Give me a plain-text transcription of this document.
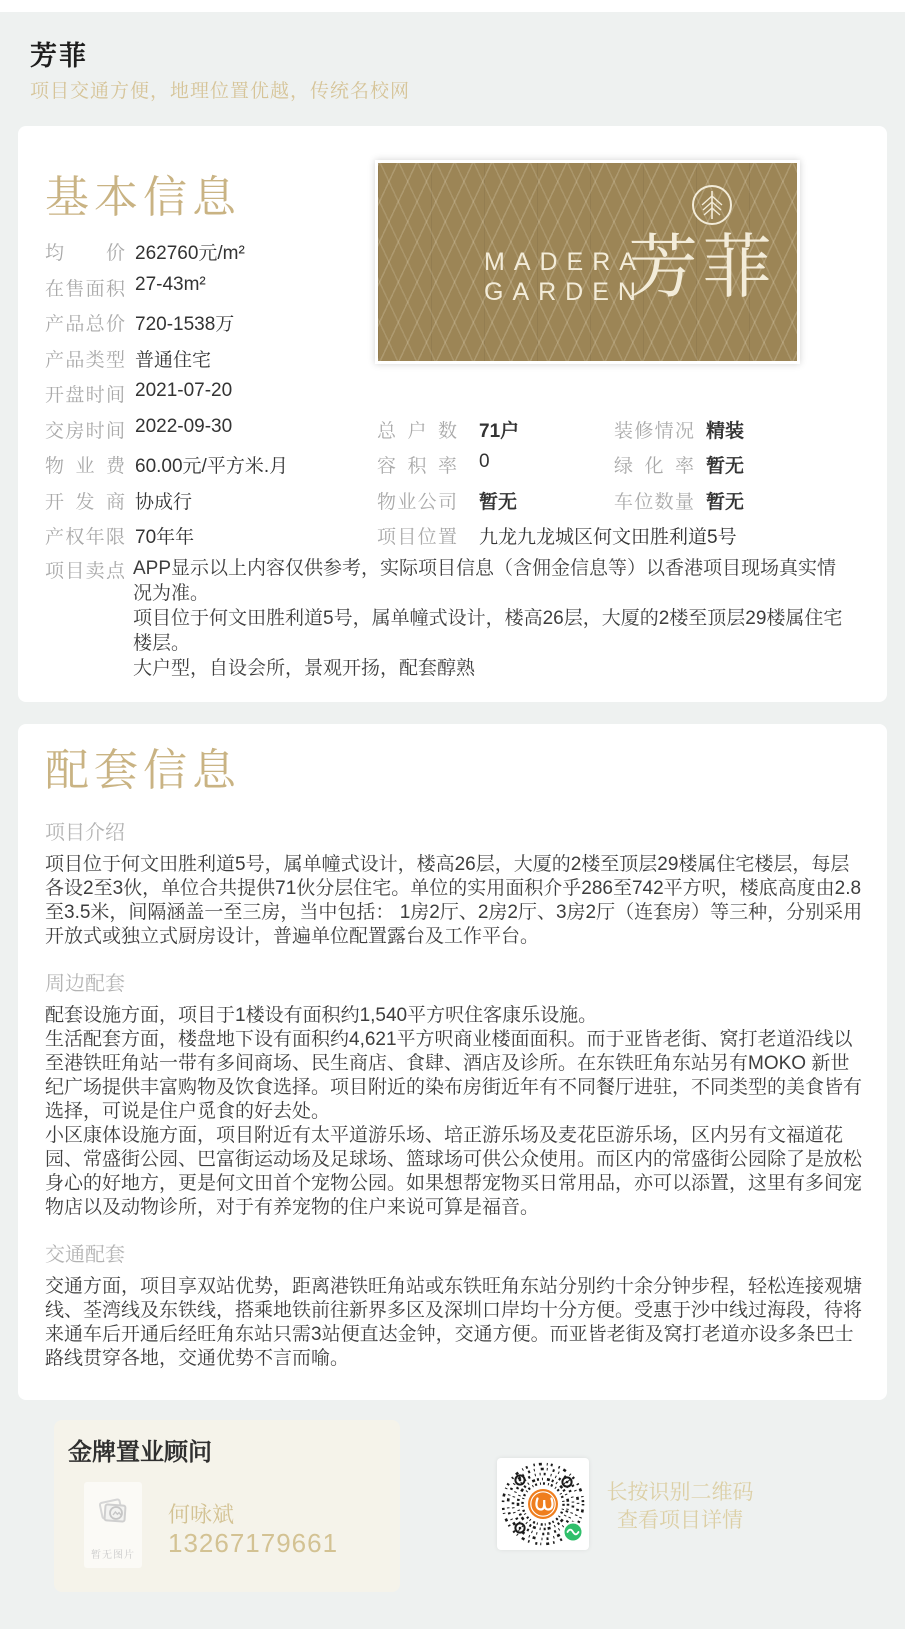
芳菲
项目交通方便，地理位置优越，传统名校网
基本信息
MADERA
GARDEN
芳菲
均价 262760元/m²
在售面积 27-43m²
产品总价 720-1538万
产品类型 普通住宅
开盘时间 2021-07-20
交房时间 2022-09-30
物业费 60.00元/平方米.月
开发商 协成行
产权年限 70年年
总户数 71户	装修情况 精装
容积率 0	绿化率 暂无
物业公司 暂无	车位数量 暂无
项目位置 九龙九龙城区何文田胜利道5号
项目卖点 APP显示以上内容仅供参考，实际项目信息（含佣金信息等）以香港项目现场真实情况为准。
项目位于何文田胜利道5号，属单幢式设计，楼高26层，大厦的2楼至顶层29楼属住宅楼层。
大户型，自设会所，景观开扬，配套醇熟
配套信息
项目介绍

项目位于何文田胜利道5号，属单幢式设计，楼高26层，大厦的2楼至顶层29楼属住宅楼层，每层各设2至3伙，单位合共提供71伙分层住宅。单位的实用面积介乎286至742平方呎，楼底高度由2.8至3.5米，间隔涵盖一至三房，当中包括： 1房2厅、2房2厅、3房2厅（连套房）等三种，分别采用开放式或独立式厨房设计，普遍单位配置露台及工作平台。

周边配套

配套设施方面，项目于1楼设有面积约1,540平方呎住客康乐设施。

生活配套方面，楼盘地下设有面积约4,621平方呎商业楼面面积。而于亚皆老街、窝打老道沿线以至港铁旺角站一带有多间商场、民生商店、食肆、酒店及诊所。在东铁旺角东站另有MOKO 新世纪广场提供丰富购物及饮食选择。项目附近的染布房街近年有不同餐厅进驻，不同类型的美食皆有选择，可说是住户觅食的好去处。

小区康体设施方面，项目附近有太平道游乐场、培正游乐场及麦花臣游乐场，区内另有文福道花园、常盛街公园、巴富街运动场及足球场、篮球场可供公众使用。而区内的常盛街公园除了是放松身心的好地方，更是何文田首个宠物公园。如果想帮宠物买日常用品，亦可以添置，这里有多间宠物店以及动物诊所，对于有养宠物的住户来说可算是福音。

交通配套

交通方面，项目享双站优势，距离港铁旺角站或东铁旺角东站分别约十余分钟步程，轻松连接观塘线、荃湾线及东铁线，搭乘地铁前往新界多区及深圳口岸均十分方便。受惠于沙中线过海段，待将来通车后开通后经旺角东站只需3站便直达金钟，交通方便。而亚皆老街及窝打老道亦设多条巴士路线贯穿各地，交通优势不言而喻。

金牌置业顾问
暂无图片
何咏斌
13267179661
长按识别二维码
查看项目详情
